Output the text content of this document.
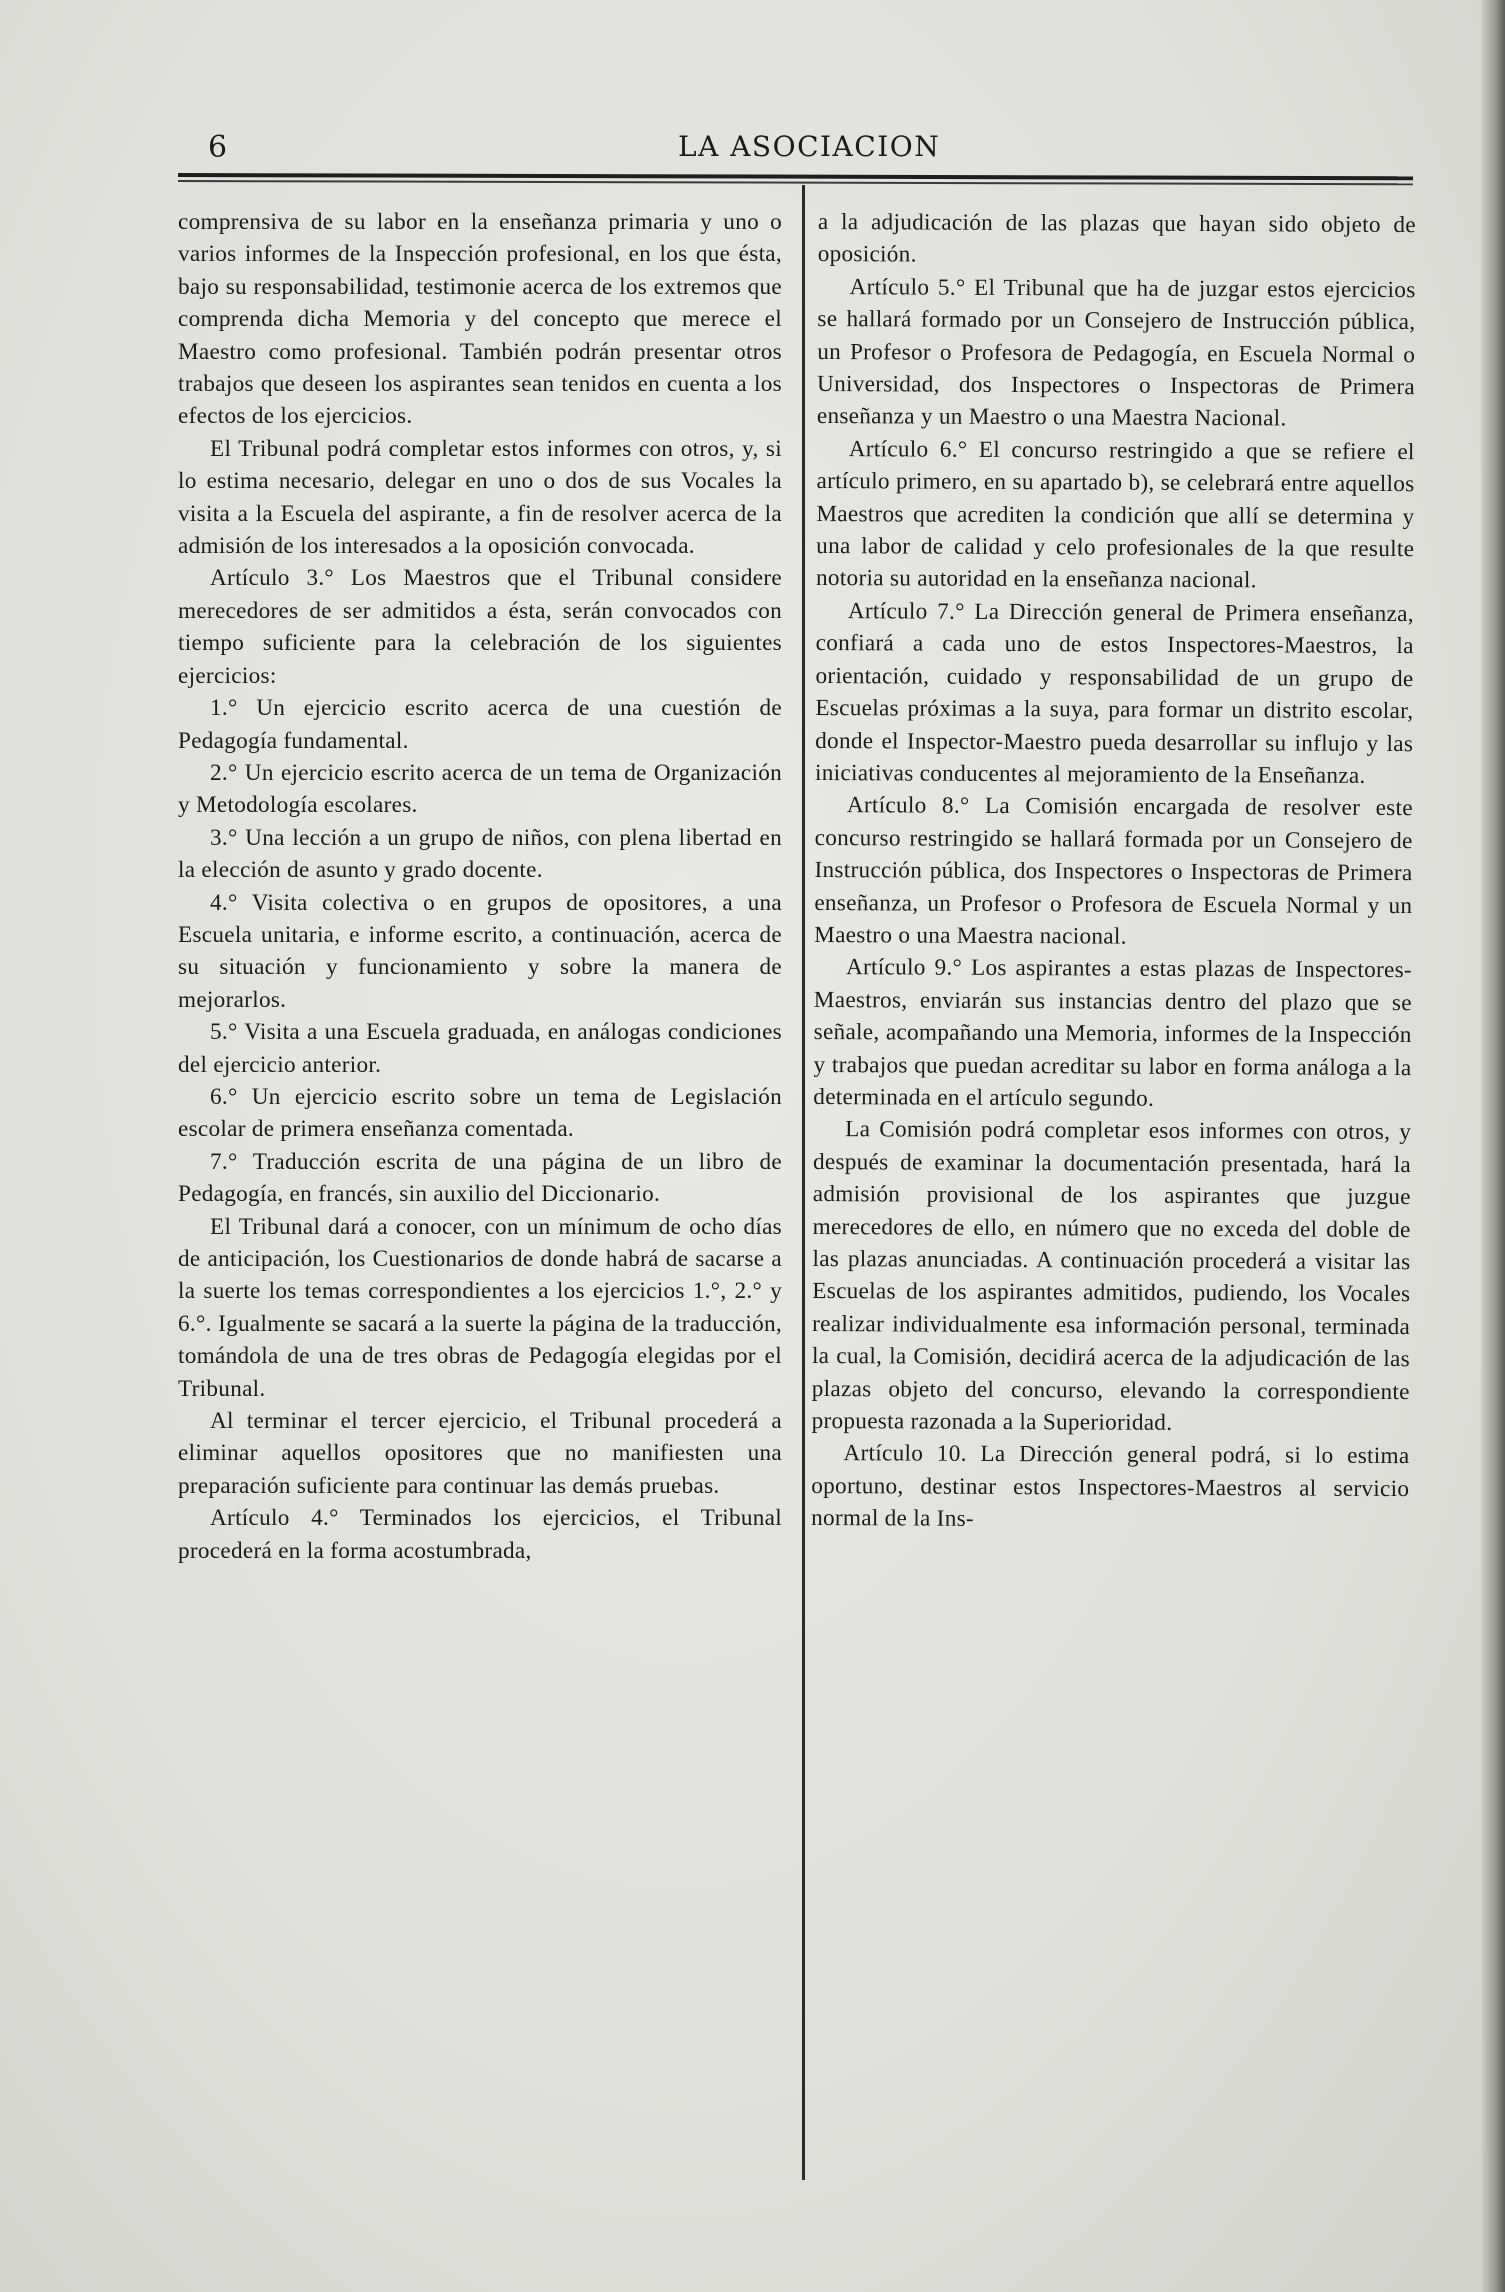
6	LA ASOCIACION

comprensiva de su labor en la enseñanza primaria y uno o varios informes de la Inspección profesional, en los que ésta, bajo su responsabilidad, testimonie acerca de los extremos que comprenda dicha Memoria y del concepto que merece el Maestro como profesional. También podrán presentar otros trabajos que deseen los aspirantes sean tenidos en cuenta a los efectos de los ejercicios.

El Tribunal podrá completar estos informes con otros, y, si lo estima necesario, delegar en uno o dos de sus Vocales la visita a la Escuela del aspirante, a fin de resolver acerca de la admisión de los interesados a la oposición convocada.

Artículo 3.° Los Maestros que el Tribunal considere merecedores de ser admitidos a ésta, serán convocados con tiempo suficiente para la celebración de los siguientes ejercicios:

1.° Un ejercicio escrito acerca de una cuestión de Pedagogía fundamental.

2.° Un ejercicio escrito acerca de un tema de Organización y Metodología escolares.

3.° Una lección a un grupo de niños, con plena libertad en la elección de asunto y grado docente.

4.° Visita colectiva o en grupos de opositores, a una Escuela unitaria, e informe escrito, a continuación, acerca de su situación y funcionamiento y sobre la manera de mejorarlos.

5.° Visita a una Escuela graduada, en análogas condiciones del ejercicio anterior.

6.° Un ejercicio escrito sobre un tema de Legislación escolar de primera enseñanza comentada.

7.° Traducción escrita de una página de un libro de Pedagogía, en francés, sin auxilio del Diccionario.

El Tribunal dará a conocer, con un mínimum de ocho días de anticipación, los Cuestionarios de donde habrá de sacarse a la suerte los temas correspondientes a los ejercicios 1.°, 2.° y 6.°. Igualmente se sacará a la suerte la página de la traducción, tomándola de una de tres obras de Pedagogía elegidas por el Tribunal.

Al terminar el tercer ejercicio, el Tribunal procederá a eliminar aquellos opositores que no manifiesten una preparación suficiente para continuar las demás pruebas.

Artículo 4.° Terminados los ejercicios, el Tribunal procederá en la forma acostumbrada,

a la adjudicación de las plazas que hayan sido objeto de oposición.

Artículo 5.° El Tribunal que ha de juzgar estos ejercicios se hallará formado por un Consejero de Instrucción pública, un Profesor o Profesora de Pedagogía, en Escuela Normal o Universidad, dos Inspectores o Inspectoras de Primera enseñanza y un Maestro o una Maestra Nacional.

Artículo 6.° El concurso restringido a que se refiere el artículo primero, en su apartado b), se celebrará entre aquellos Maestros que acrediten la condición que allí se determina y una labor de calidad y celo profesionales de la que resulte notoria su autoridad en la enseñanza nacional.

Artículo 7.° La Dirección general de Primera enseñanza, confiará a cada uno de estos Inspectores-Maestros, la orientación, cuidado y responsabilidad de un grupo de Escuelas próximas a la suya, para formar un distrito escolar, donde el Inspector-Maestro pueda desarrollar su influjo y las iniciativas conducentes al mejoramiento de la Enseñanza.

Artículo 8.° La Comisión encargada de resolver este concurso restringido se hallará formada por un Consejero de Instrucción pública, dos Inspectores o Inspectoras de Primera enseñanza, un Profesor o Profesora de Escuela Normal y un Maestro o una Maestra nacional.

Artículo 9.° Los aspirantes a estas plazas de Inspectores-Maestros, enviarán sus instancias dentro del plazo que se señale, acompañando una Memoria, informes de la Inspección y trabajos que puedan acreditar su labor en forma análoga a la determinada en el artículo segundo.

La Comisión podrá completar esos informes con otros, y después de examinar la documentación presentada, hará la admisión provisional de los aspirantes que juzgue merecedores de ello, en número que no exceda del doble de las plazas anunciadas. A continuación procederá a visitar las Escuelas de los aspirantes admitidos, pudiendo, los Vocales realizar individualmente esa información personal, terminada la cual, la Comisión, decidirá acerca de la adjudicación de las plazas objeto del concurso, elevando la correspondiente propuesta razonada a la Superioridad.

Artículo 10. La Dirección general podrá, si lo estima oportuno, destinar estos Inspectores-Maestros al servicio normal de la Ins-
